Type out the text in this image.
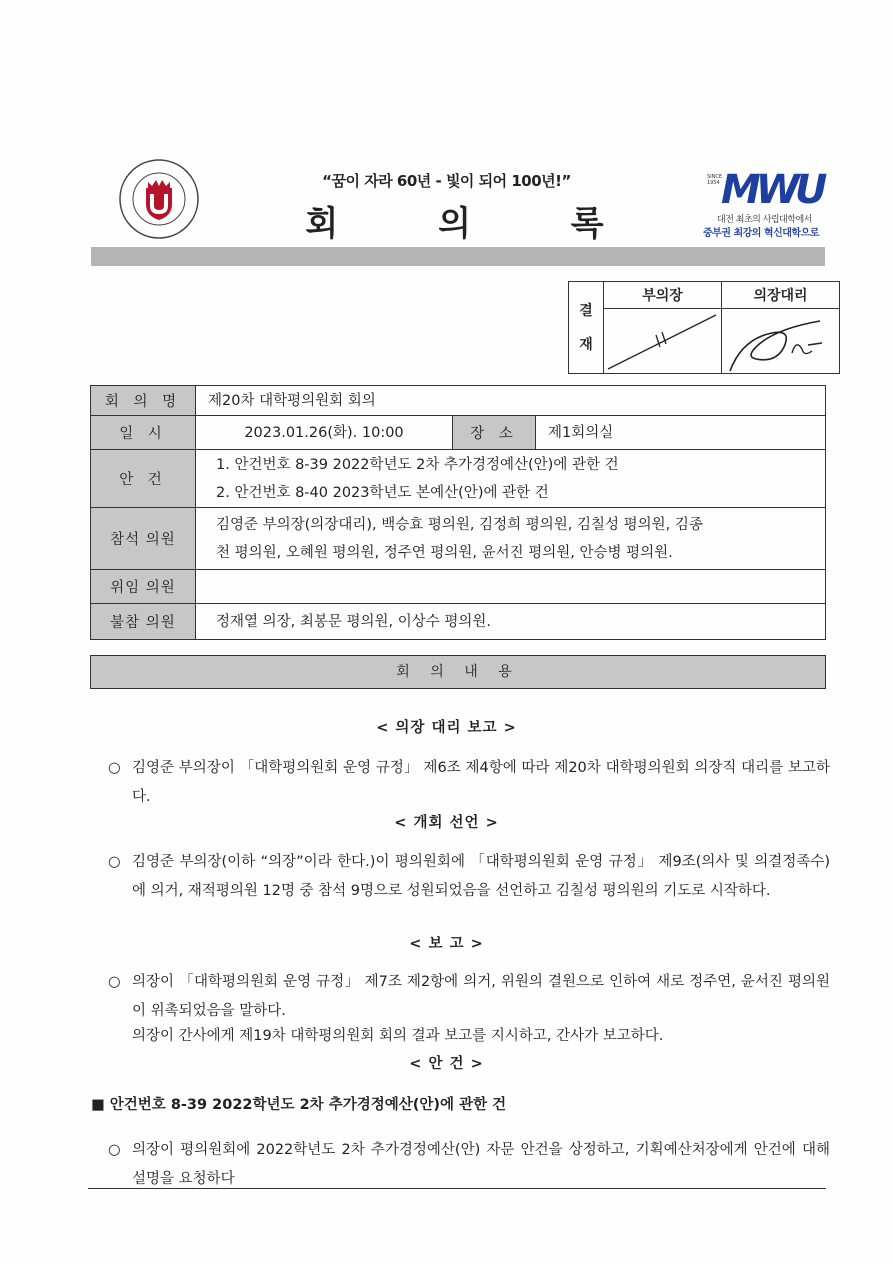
“꿈이 자라 60년 - 빛이 되어 100년!”
회 의 록
SINCE 1954 MWU
대전 최초의 사립대학에서
중부권 최강의 혁신대학으로
결
재	부의장	의장대리

회 의 명	제20차 대학평의원회 회의		
일 시	2023.01.26(화). 10:00	장 소	제1회의실
안 건	1. 안건번호 8-39 2022학년도 2차 추가경정예산(안)에 관한 건
2. 안건번호 8-40 2023학년도 본예산(안)에 관한 건		

참석 의원	김영준 부의장(의장대리), 백승효 평의원, 김정희 평의원, 김칠성 평의원, 김종
천 평의원, 오혜원 평의원, 정주연 평의원, 윤서진 평의원, 안승병 평의원.		

위임 의원			
불참 의원	정재열 의장, 최봉문 평의원, 이상수 평의원.		
회 의 내 용
< 의장 대리 보고 >
○ 김영준 부의장이 「대학평의원회 운영 규정」 제6조 제4항에 따라 제20차 대학평의원회 의장직 대리를 보고하다.
< 개회 선언 >
○ 김영준 부의장(이하 “의장”이라 한다.)이 평의원회에 「대학평의원회 운영 규정」 제9조(의사 및 의결정족수)에 의거, 재적평의원 12명 중 참석 9명으로 성원되었음을 선언하고 김칠성 평의원의 기도로 시작하다.
< 보 고 >
○ 의장이 「대학평의원회 운영 규정」 제7조 제2항에 의거, 위원의 결원으로 인하여 새로 정주연, 윤서진 평의원이 위촉되었음을 말하다.
의장이 간사에게 제19차 대학평의원회 회의 결과 보고를 지시하고, 간사가 보고하다.
< 안 건 >
■ 안건번호 8-39 2022학년도 2차 추가경정예산(안)에 관한 건
○ 의장이 평의원회에 2022학년도 2차 추가경정예산(안) 자문 안건을 상정하고, 기획예산처장에게 안건에 대해 설명을 요청하다
